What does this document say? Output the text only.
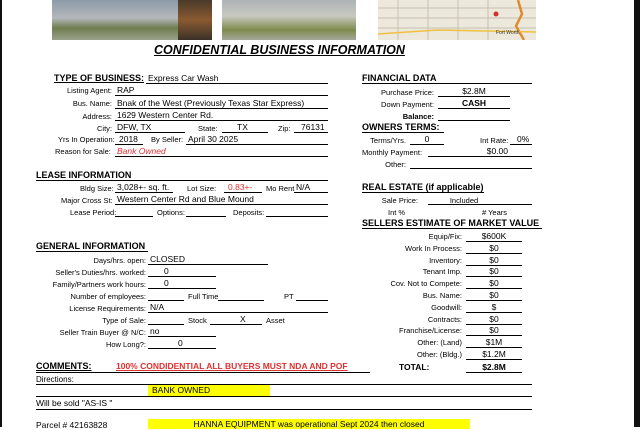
Fort Worth
CONFIDENTIAL BUSINESS INFORMATION
TYPE OF BUSINESS: Express Car Wash
Listing Agent: RAP
Bus. Name: Bnak of the West (Previously Texas Star Express)
Address: 1629 Western Center Rd.
City: DFW, TX	State: TX	Zip: 76131
Yrs In Operation: 2018 By Seller: April 30 2025
Reason for Sale: Bank Owned
LEASE INFORMATION
Bldg Size: 3,028+- sq. ft. Lot Size: 0.83+- Mo Rent N/A
Major Cross St: Western Center Rd and Blue Mound
Lease Period:	Options:	Deposits:
GENERAL INFORMATION
Days/hrs. open: CLOSED
Seller's Duties/hrs. worked: 0
Family/Partners work hours: 0
Number of employees:	Full Time	PT
License Requirements: N/A
Type of Sale:	Stock	X	Asset
Seller Train Buyer @ N/C: no
How Long?:	0
FINANCIAL DATA
Purchase Price:	$2.8M
Down Payment:	CASH
Balance:
OWNERS TERMS:
Terms/Yrs.	0	Int Rate: 0%
Monthly Payment:	$0.00
Other:
REAL ESTATE (if applicable)
Sale Price:	Included
Int %	# Years
SELLERS ESTIMATE OF MARKET VALUE
Equip/Fix:	$600K
Work In Process:	$0
Inventory:	$0
Tenant Imp.	$0
Cov. Not to Compete:	$0
Bus. Name:	$0
Goodwill:	$
Contracts:	$0
Franchise/License:	$0
Other: (Land)	$1M
Other: (Bldg.)	$1.2M
TOTAL:	$2.8M
COMMENTS:	100% CONDIDENTIAL ALL BUYERS MUST NDA AND POF
Directions:
BANK OWNED
Will be sold "AS-IS "
Parcel # 42163828	HANNA EQUIPMENT was operational Sept 2024 then closed
